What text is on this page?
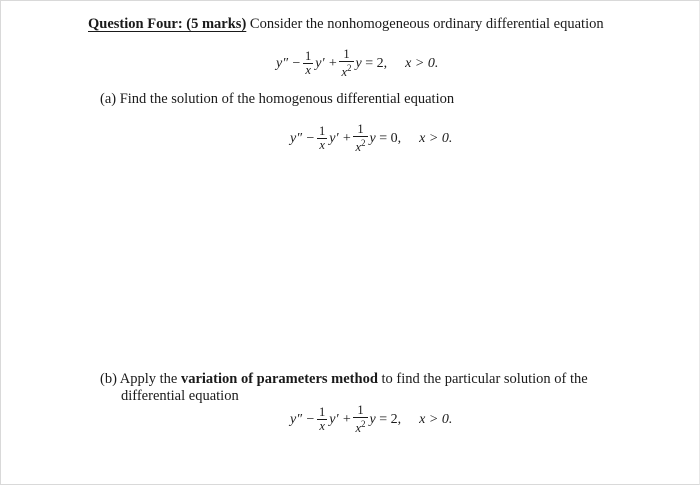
Question Four: (5 marks) Consider the nonhomogeneous ordinary differential equation
$y'' - \frac{1}{x} y' + \frac{1}{x^2}$ y = 2, x > 0.
(a) Find the solution of the homogenous differential equation
$y'' - \frac{1}{x} y' + \frac{1}{x^2}$ y = 0, x > 0.
(b) Apply the variation of parameters method to find the particular solution of the
differential equation
$y'' - \frac{1}{x} y' + \frac{1}{x^2}$ y = 2, x > 0.
